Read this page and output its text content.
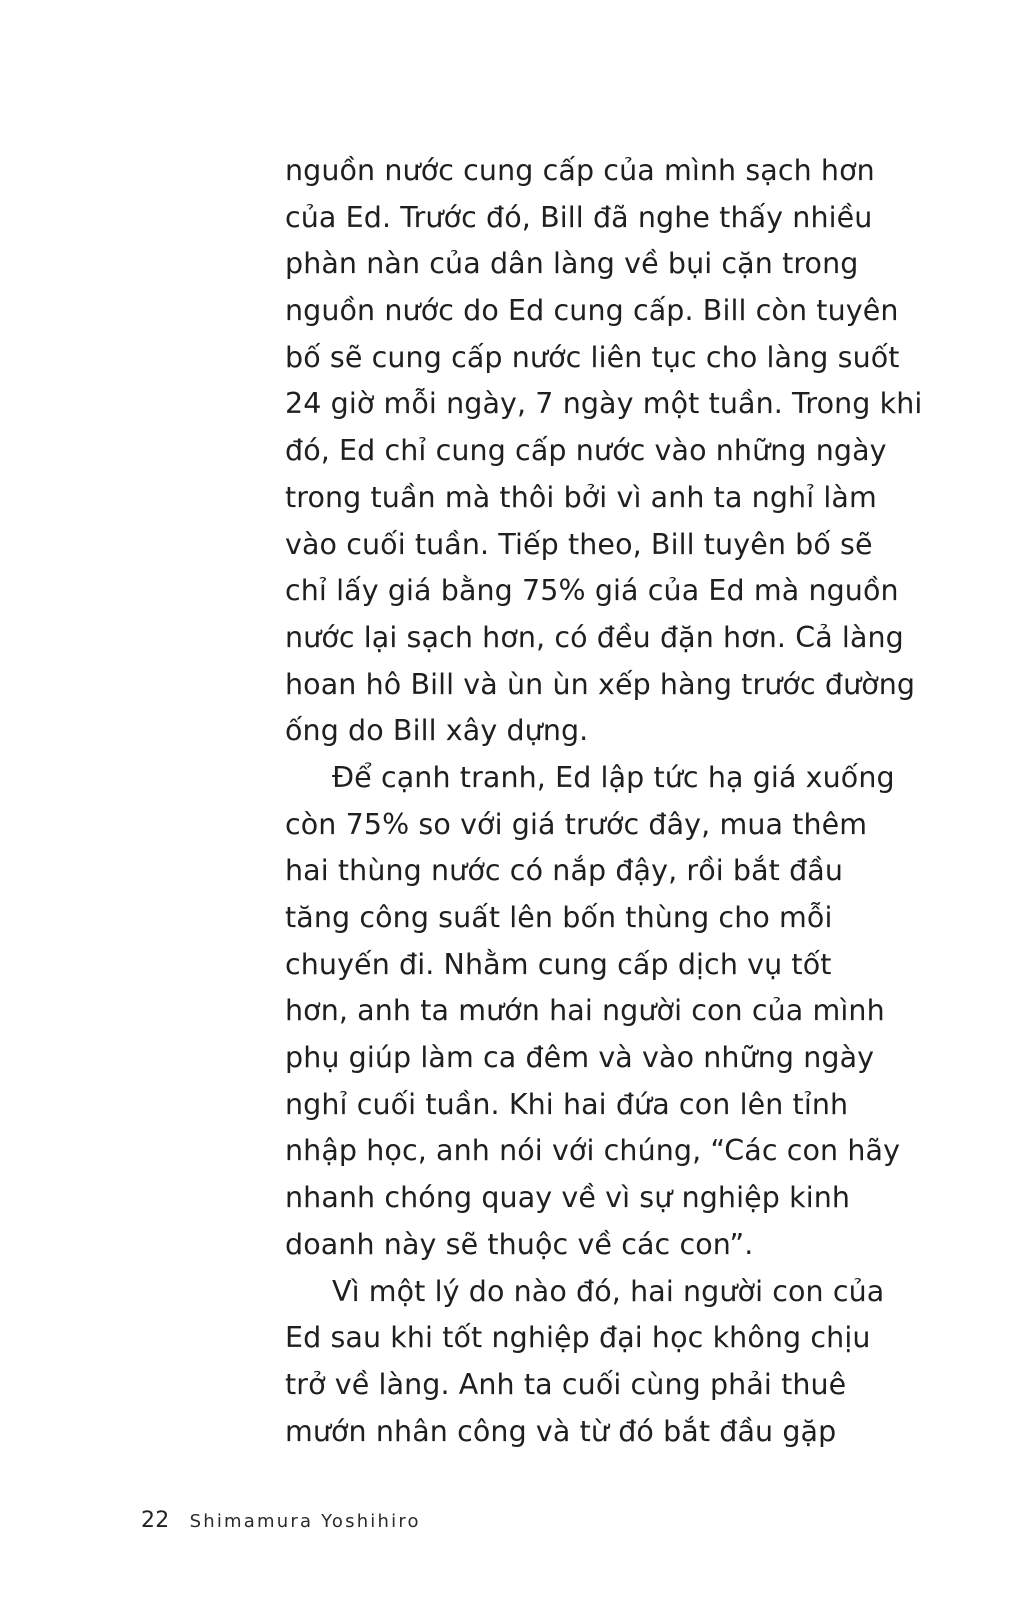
nguồn nước cung cấp của mình sạch hơn
của Ed. Trước đó, Bill đã nghe thấy nhiều
phàn nàn của dân làng về bụi cặn trong
nguồn nước do Ed cung cấp. Bill còn tuyên
bố sẽ cung cấp nước liên tục cho làng suốt
24 giờ mỗi ngày, 7 ngày một tuần. Trong khi
đó, Ed chỉ cung cấp nước vào những ngày
trong tuần mà thôi bởi vì anh ta nghỉ làm
vào cuối tuần. Tiếp theo, Bill tuyên bố sẽ
chỉ lấy giá bằng 75% giá của Ed mà nguồn
nước lại sạch hơn, có đều đặn hơn. Cả làng
hoan hô Bill và ùn ùn xếp hàng trước đường
ống do Bill xây dựng.
Để cạnh tranh, Ed lập tức hạ giá xuống
còn 75% so với giá trước đây, mua thêm
hai thùng nước có nắp đậy, rồi bắt đầu
tăng công suất lên bốn thùng cho mỗi
chuyến đi. Nhằm cung cấp dịch vụ tốt
hơn, anh ta mướn hai người con của mình
phụ giúp làm ca đêm và vào những ngày
nghỉ cuối tuần. Khi hai đứa con lên tỉnh
nhập học, anh nói với chúng, “Các con hãy
nhanh chóng quay về vì sự nghiệp kinh
doanh này sẽ thuộc về các con”.
Vì một lý do nào đó, hai người con của
Ed sau khi tốt nghiệp đại học không chịu
trở về làng. Anh ta cuối cùng phải thuê
mướn nhân công và từ đó bắt đầu gặp
22 Shimamura Yoshihiro
